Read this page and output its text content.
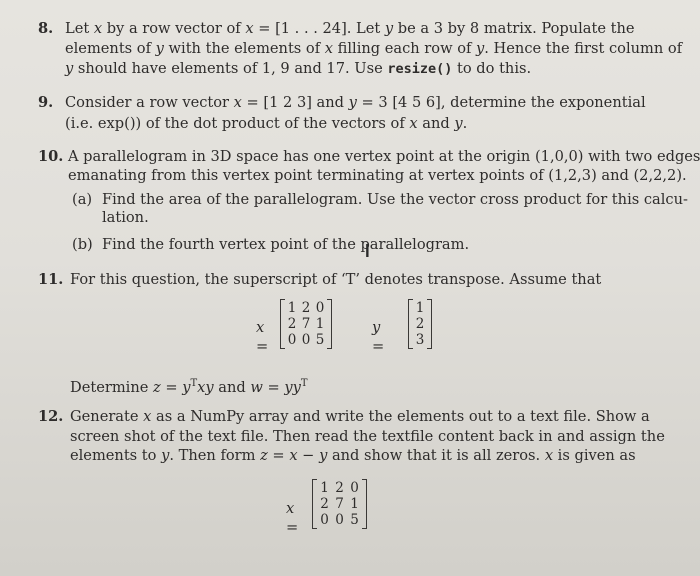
8. Let x by a row vector of x = [1 . . . 24]. Let y be a 3 by 8 matrix. Populate the
elements of y with the elements of x filling each row of y. Hence the first column of
y should have elements of 1, 9 and 17. Use resize() to do this.
9. Consider a row vector x = [1 2 3] and y = 3 [4 5 6], determine the exponential
(i.e. exp()) of the dot product of the vectors of x and y.
10. A parallelogram in 3D space has one vertex point at the origin (1,0,0) with two edges
emanating from this vertex point terminating at vertex points of (1,2,3) and (2,2,2).
(a) Find the area of the parallelogram. Use the vector cross product for this calcu-
lation.
(b) Find the fourth vertex point of the parallelogram.
I
11. For this question, the superscript of ‘T’ denotes transpose. Assume that
x =
1 2 0
2 7 1
0 0 5
y =
1
2
3
Determine $z = y^Txy$ and $w = yy^T$
12. Generate x as a NumPy array and write the elements out to a text file. Show a
screen shot of the text file. Then read the textfile content back in and assign the
elements to y. Then form z = x − y and show that it is all zeros. x is given as
x =
1 2 0
2 7 1
0 0 5
